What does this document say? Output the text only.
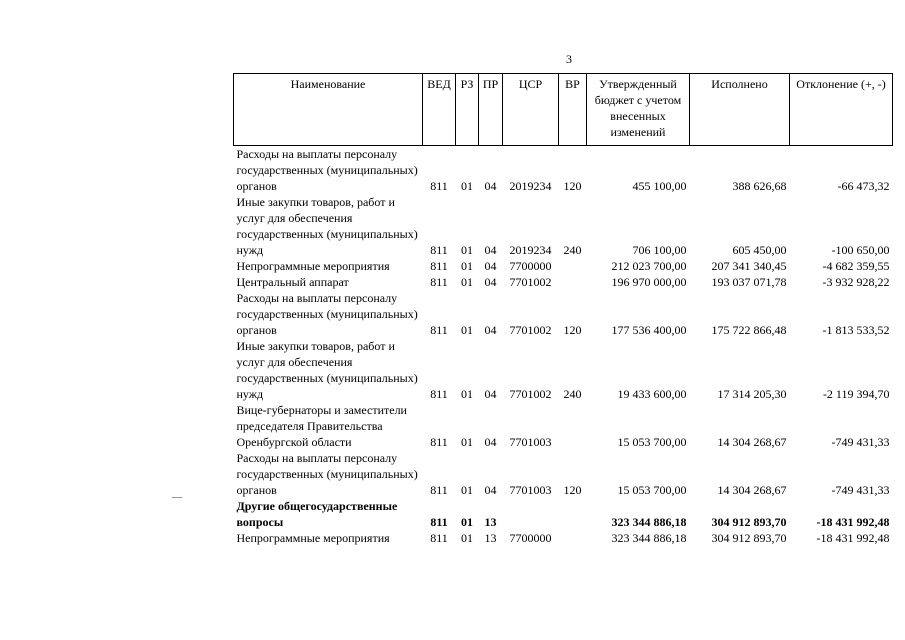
3
Наименование	ВЕД	РЗ	ПР	ЦСР	ВР	Утвержденный бюджет с учетом внесенных изменений	Исполнено	Отклонение (+, -)
Расходы на выплаты персоналу государственных (муниципальных) органов	811	01	04	2019234	120	455 100,00	388 626,68	-66 473,32
Иные закупки товаров, работ и услуг для обеспечения государственных (муниципальных) нужд	811	01	04	2019234	240	706 100,00	605 450,00	-100 650,00
Непрограммные мероприятия	811	01	04	7700000		212 023 700,00	207 341 340,45	-4 682 359,55
Центральный аппарат	811	01	04	7701002		196 970 000,00	193 037 071,78	-3 932 928,22
Расходы на выплаты персоналу государственных (муниципальных) органов	811	01	04	7701002	120	177 536 400,00	175 722 866,48	-1 813 533,52
Иные закупки товаров, работ и услуг для обеспечения государственных (муниципальных) нужд	811	01	04	7701002	240	19 433 600,00	17 314 205,30	-2 119 394,70
Вице-губернаторы и заместители председателя Правительства Оренбургской области	811	01	04	7701003		15 053 700,00	14 304 268,67	-749 431,33
Расходы на выплаты персоналу государственных (муниципальных) органов	811	01	04	7701003	120	15 053 700,00	14 304 268,67	-749 431,33
Другие общегосударственные вопросы	811	01	13			323 344 886,18	304 912 893,70	-18 431 992,48
Непрограммные мероприятия	811	01	13	7700000		323 344 886,18	304 912 893,70	-18 431 992,48
